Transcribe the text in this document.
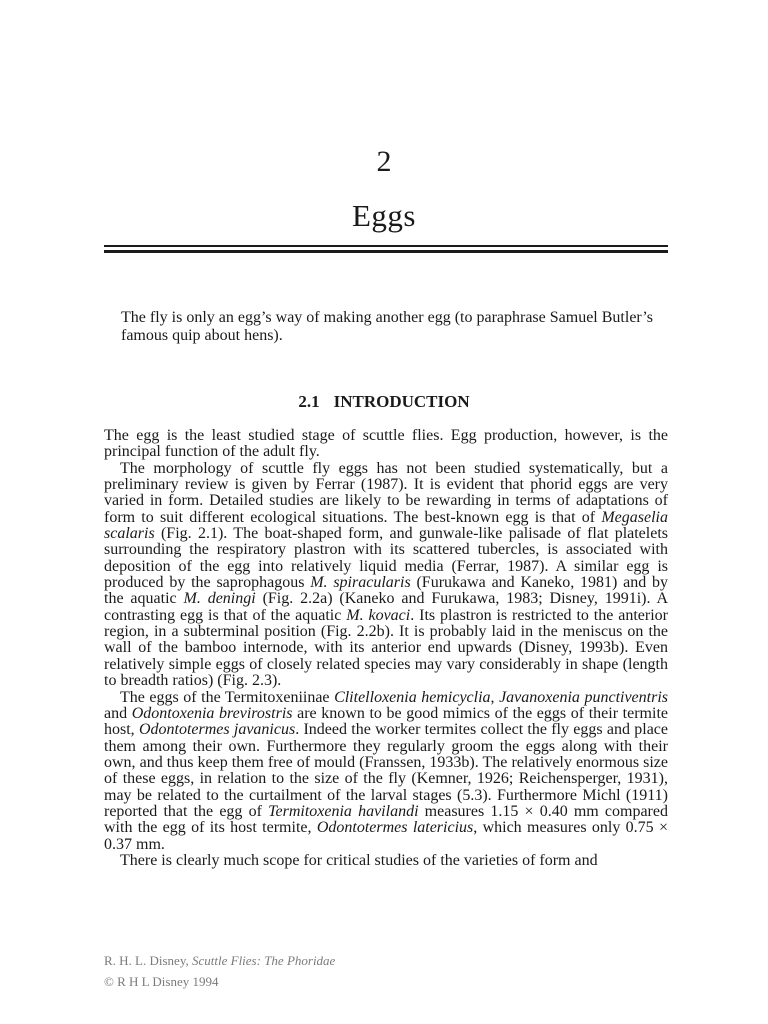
2
Eggs
The fly is only an egg’s way of making another egg (to paraphrase Samuel Butler’s famous quip about hens).
2.1 INTRODUCTION

The egg is the least studied stage of scuttle flies. Egg production, however, is the principal function of the adult fly.

The morphology of scuttle fly eggs has not been studied systematically, but a preliminary review is given by Ferrar (1987). It is evident that phorid eggs are very varied in form. Detailed studies are likely to be rewarding in terms of adaptations of form to suit different ecological situations. The best-known egg is that of Megaselia scalaris (Fig. 2.1). The boat-shaped form, and gunwale-like palisade of flat platelets surrounding the respiratory plastron with its scattered tubercles, is associated with deposition of the egg into relatively liquid media (Ferrar, 1987). A similar egg is produced by the saprophagous M. spiracularis (Furukawa and Kaneko, 1981) and by the aquatic M. deningi (Fig. 2.2a) (Kaneko and Furukawa, 1983; Disney, 1991i). A contrasting egg is that of the aquatic M. kovaci. Its plastron is restricted to the anterior region, in a subterminal position (Fig. 2.2b). It is probably laid in the meniscus on the wall of the bamboo internode, with its anterior end upwards (Disney, 1993b). Even relatively simple eggs of closely related species may vary considerably in shape (length to breadth ratios) (Fig. 2.3).

The eggs of the Termitoxeniinae Clitelloxenia hemicyclia, Javanoxenia punctiventris and Odontoxenia brevirostris are known to be good mimics of the eggs of their termite host, Odontotermes javanicus. Indeed the worker termites collect the fly eggs and place them among their own. Furthermore they regularly groom the eggs along with their own, and thus keep them free of mould (Franssen, 1933b). The relatively enormous size of these eggs, in relation to the size of the fly (Kemner, 1926; Reichensperger, 1931), may be related to the curtailment of the larval stages (5.3). Furthermore Michl (1911) reported that the egg of Termitoxenia havilandi measures 1.15 × 0.40 mm compared with the egg of its host termite, Odontotermes latericius, which measures only 0.75 × 0.37 mm.

There is clearly much scope for critical studies of the varieties of form and

R. H. L. Disney, Scuttle Flies: The Phoridae
© R H L Disney 1994
